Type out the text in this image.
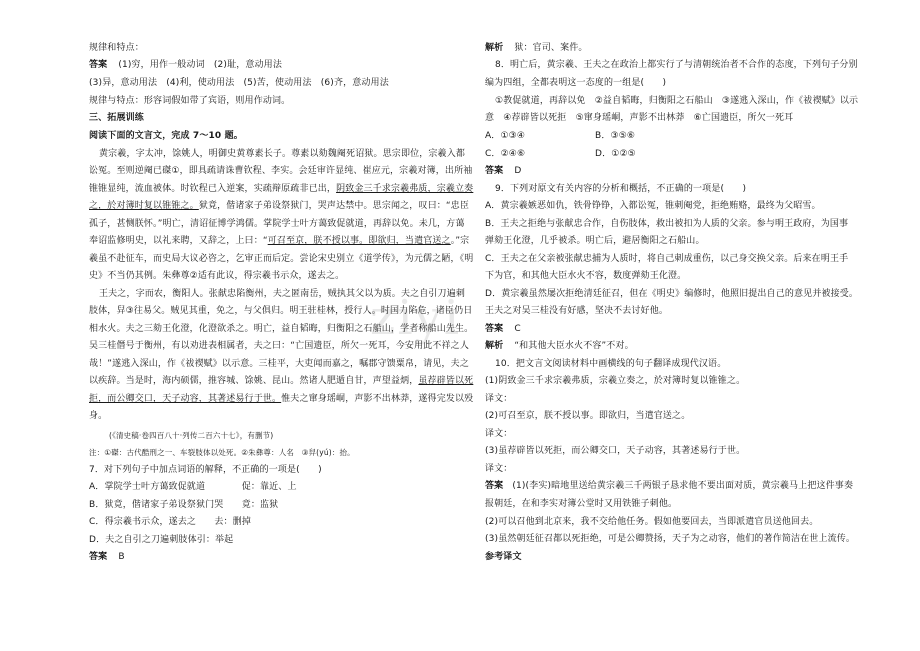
ziyi
规律和特点：
答案 (1)穷，用作一般动词　(2)耻，意动用法
(3)异，意动用法　(4)利，使动用法　(5)苦，使动用法　(6)齐，意动用法
规律与特点：形容词假如带了宾语，则用作动词。
三、拓展训练
阅读下面的文言文，完成 7～10 题。
黄宗羲，字太冲，馀姚人，明御史黄尊素长子。尊素以劾魏阉死诏狱。思宗即位，宗羲入都
讼冤。至则逆阉已磔①，即具疏请诛曹钦程、李实。会廷审许显纯、崔应元，宗羲对簿，出所袖
锥锥显纯，流血被体。时钦程已入逆案，实疏辩原疏非已出，阴致金三千求宗羲弗质，宗羲立奏
之，於对簿时复以锥锥之。狱竟，偕诸家子弟设祭狱门，哭声达禁中。思宗闻之，叹曰：“忠臣
孤子，甚恻朕怀。”明亡，清诏征博学鸿儒。掌院学士叶方蔼致促就道，再辞以免。未几，方蔼
奉诏监修明史，以礼来聘，又辞之，上曰：“可召至京，朕不授以事。即欲归，当遣官送之。”宗
羲虽不赴征车，而史局大议必咨之，乞审正而后定。尝论宋史别立《道学传》，为元儒之陋，《明
史》不当仍其例。朱彝尊②适有此议，得宗羲书示众，遂去之。
王夫之，字而农，衡阳人。张献忠陷衡州，夫之匿南岳，贼执其父以为质。夫之自引刀遍刺
肢体，舁③往易父。贼见其重，免之，与父俱归。明王驻桂林，授行人。时国力陷危，诸臣仍日
相水火。夫之三劾王化澄，化澄欲杀之。明亡，益自韬晦，归衡阳之石船山，学者称船山先生。
吴三桂僭号于衡州，有以劝进表相属者，夫之曰：“亡国遗臣，所欠一死耳，今安用此不祥之人
哉！”遂逃入深山，作《祓禊赋》以示意。三桂平，大吏闻而嘉之，嘱郡守馈粟帛，请见，夫之
以疾辞。当是时，海内硕儒，推容城、馀姚、昆山。然诸人肥遁自甘，声望益炳，虽荐辟皆以死
拒，而公卿交口，天子动容，其著述易行于世。惟夫之窜身瑶峒，声影不出林莽，遂得完发以殁
身。
(《清史稿·卷四百八十·列传二百六十七》，有删节)
注：①磔：古代酷刑之一、车裂肢体以处死。②朱彝尊：人名　③舁(yú)：抬。
7．对下列句子中加点词语的解释，不正确的一项是(　　)
A．掌院学士叶方蔼致促就道　　　　促：靠近、上
B．狱竟，偕诸家子弟设祭狱门哭　　竟：监狱
C．得宗羲书示众，遂去之　　去：删掉
D．夫之自引之刀遍刺肢体引：举起
答案 B
解析 狱：官司、案件。
8．明亡后，黄宗羲、王夫之在政治上都实行了与清朝统治者不合作的态度，下列句子分别
编为四组，全都表明这一态度的一组是(　　)
①教促就道，再辞以免　②益自韬晦，归衡阳之石船山　③遂逃入深山，作《祓禊赋》以示
意　④荐辟皆以死拒　⑤窜身瑶峒，声影不出林莽　⑥亡国遗臣，所欠一死耳
A．①③④	B．③⑤⑥
C．②④⑥	D．①②⑤
答案 D
9．下列对原文有关内容的分析和概括，不正确的一项是(　　)
A．黄宗羲嫉恶如仇，铁骨铮铮，入都讼冤，锥刺阉党，拒绝贿赂，最终为父昭雪。
B．王夫之拒绝与张献忠合作，自伤肢体，救出被扣为人质的父亲。参与明王政府，为国事
弹劾王化澄，几乎被杀。明亡后，避居衡阳之石船山。
C．王夫之在父亲被张献忠捕为人质时，将自己刺成重伤，以己身交换父亲。后来在明王手
下为官，和其他大臣水火不容，数度弹劾王化澄。
D．黄宗羲虽然屡次拒绝清廷征召，但在《明史》编修时，他照旧提出自己的意见并被接受。
王夫之对吴三桂没有好感，坚决不去讨好他。
答案 C
解析 “和其他大臣水火不容”不对。
10．把文言文阅读材料中画横线的句子翻译成现代汉语。
(1)阴致金三千求宗羲弗质，宗羲立奏之，於对簿时复以锥锥之。
译文：
(2)可召至京，朕不授以事。即欲归，当遣官送之。
译文：
(3)虽荐辟皆以死拒，而公卿交口，天子动容，其著述易行于世。
译文：
答案 (1)(李实)暗地里送给黄宗羲三千两银子恳求他不要出面对质，黄宗羲马上把这件事奏
报朝廷，在和李实对簿公堂时又用铁锥子刺他。
(2)可以召他到北京来，我不交给他任务。假如他要回去，当即派遣官员送他回去。
(3)虽然朝廷征召都以死拒绝，可是公卿赞扬，天子为之动容，他们的著作简洁在世上流传。
参考译文
